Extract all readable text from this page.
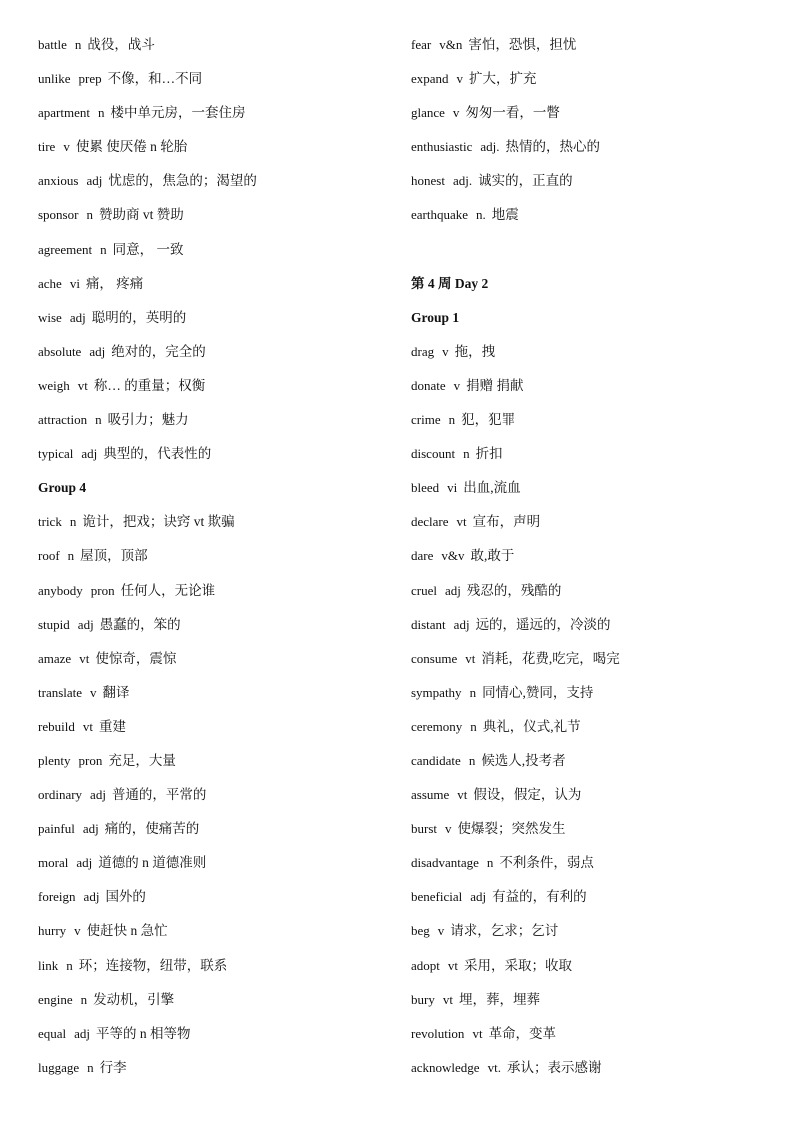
battle n 战役，战斗
unlike prep 不像，和…不同
apartment n 楼中单元房，一套住房
tire v 使累 使厌倦 n 轮胎
anxious adj 忧虑的，焦急的；渴望的
sponsor n 赞助商 vt 赞助
agreement n 同意， 一致
ache vi 痛， 疼痛
wise adj 聪明的，英明的
absolute adj 绝对的，完全的
weigh vt 称… 的重量；权衡
attraction n 吸引力；魅力
typical adj 典型的，代表性的
Group 4
trick n 诡计，把戏；诀窍 vt 欺骗
roof n 屋顶，顶部
anybody pron 任何人，无论谁
stupid adj 愚蠢的，笨的
amaze vt 使惊奇，震惊
translate v 翻译
rebuild vt 重建
plenty pron 充足，大量
ordinary adj 普通的，平常的
painful adj 痛的，使痛苦的
moral adj 道德的 n 道德准则
foreign adj 国外的
hurry v 使赶快 n 急忙
link n 环；连接物，纽带，联系
engine n 发动机，引擎
equal adj 平等的 n 相等物
luggage n 行李
fear v&n 害怕，恐惧，担忧
expand v 扩大，扩充
glance v 匆匆一看，一瞥
enthusiastic adj. 热情的，热心的
honest adj. 诚实的，正直的
earthquake n. 地震
第 4 周 Day 2
Group 1
drag v 拖，拽
donate v 捐赠 捐献
crime n 犯，犯罪
discount n 折扣
bleed vi 出血,流血
declare vt 宣布，声明
dare v&v 敢,敢于
cruel adj 残忍的，残酷的
distant adj 远的，遥远的，冷淡的
consume vt 消耗，花费,吃完，喝完
sympathy n 同情心,赞同，支持
ceremony n 典礼，仪式,礼节
candidate n 候选人,投考者
assume vt 假设，假定，认为
burst v 使爆裂；突然发生
disadvantage n 不利条件，弱点
beneficial adj 有益的，有利的
beg v 请求，乞求；乞讨
adopt vt 采用，采取；收取
bury vt 埋，葬，埋葬
revolution vt 革命，变革
acknowledge vt. 承认；表示感谢
